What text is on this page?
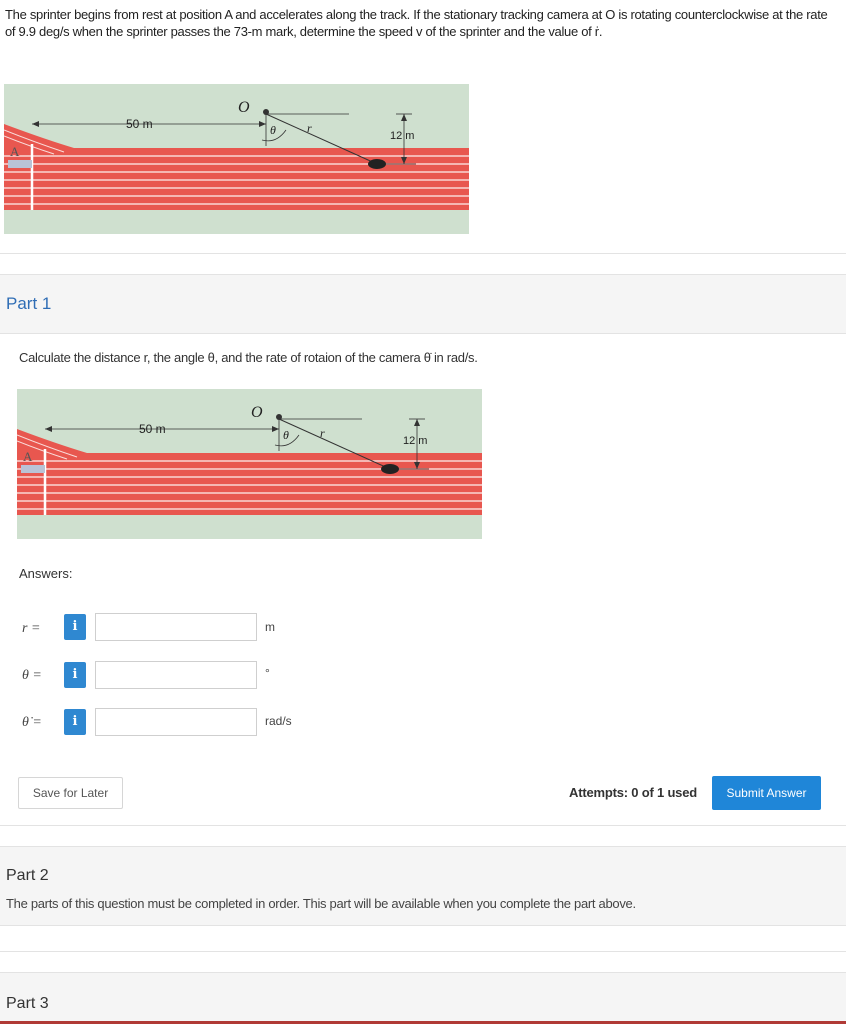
The sprinter begins from rest at position A and accelerates along the track. If the stationary tracking camera at O is rotating counterclockwise at the rate of 9.9 deg/s when the sprinter passes the 73-m mark, determine the speed v of the sprinter and the value of ṙ.
50 m
O
θ	r
12 m
A
Part 1
Calculate the distance r, the angle θ, and the rate of rotaion of the camera θ̇ in rad/s.
50 m
O
θ	r
12 m
A
Answers:
r =	i	m
θ =	i	°
θ̇ =	i	rad/s
Save for Later	Attempts: 0 of 1 used	Submit Answer
Part 2
The parts of this question must be completed in order. This part will be available when you complete the part above.
Part 3
